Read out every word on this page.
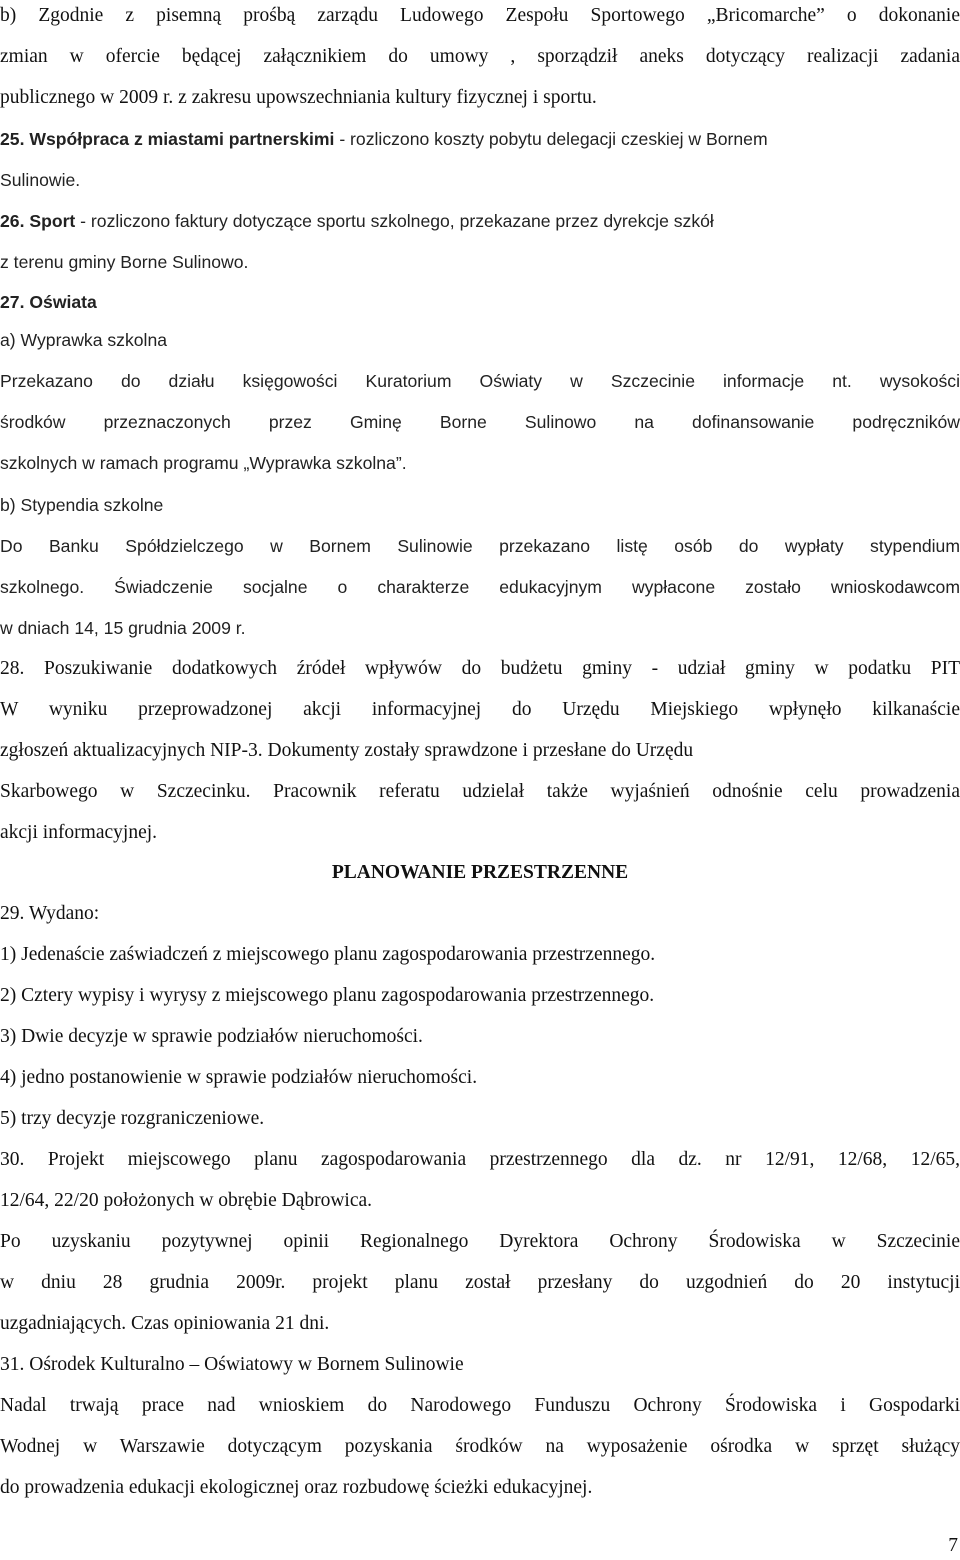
b) Zgodnie z pisemną prośbą zarządu Ludowego Zespołu Sportowego „Bricomarche” o dokonanie
zmian w ofercie będącej załącznikiem do umowy , sporządził aneks dotyczący realizacji zadania
publicznego w 2009 r. z zakresu upowszechniania kultury fizycznej i sportu.
25. Współpraca z miastami partnerskimi - rozliczono koszty pobytu delegacji czeskiej w Bornem
Sulinowie.
26. Sport - rozliczono faktury dotyczące sportu szkolnego, przekazane przez dyrekcje szkół
z terenu gminy Borne Sulinowo.
27. Oświata
a) Wyprawka szkolna
Przekazano do działu księgowości Kuratorium Oświaty w Szczecinie informacje nt. wysokości
środków przeznaczonych przez Gminę Borne Sulinowo na dofinansowanie podręczników
szkolnych w ramach programu „Wyprawka szkolna”.
b) Stypendia szkolne
Do Banku Spółdzielczego w Bornem Sulinowie przekazano listę osób do wypłaty stypendium
szkolnego. Świadczenie socjalne o charakterze edukacyjnym wypłacone zostało wnioskodawcom
w dniach 14, 15 grudnia 2009 r.
28. Poszukiwanie dodatkowych źródeł wpływów do budżetu gminy - udział gminy w podatku PIT
W wyniku przeprowadzonej akcji informacyjnej do Urzędu Miejskiego wpłynęło kilkanaście
zgłoszeń aktualizacyjnych NIP-3. Dokumenty zostały sprawdzone i przesłane do Urzędu
Skarbowego w Szczecinku. Pracownik referatu udzielał także wyjaśnień odnośnie celu prowadzenia
akcji informacyjnej.
PLANOWANIE PRZESTRZENNE
29. Wydano:
1) Jedenaście zaświadczeń z miejscowego planu zagospodarowania przestrzennego.
2) Cztery wypisy i wyrysy z miejscowego planu zagospodarowania przestrzennego.
3) Dwie decyzje w sprawie podziałów nieruchomości.
4) jedno postanowienie w sprawie podziałów nieruchomości.
5) trzy decyzje rozgraniczeniowe.
30. Projekt miejscowego planu zagospodarowania przestrzennego dla dz. nr 12/91, 12/68, 12/65,
12/64, 22/20 położonych w obrębie Dąbrowica.
Po uzyskaniu pozytywnej opinii Regionalnego Dyrektora Ochrony Środowiska w Szczecinie
w dniu 28 grudnia 2009r. projekt planu został przesłany do uzgodnień do 20 instytucji
uzgadniających. Czas opiniowania 21 dni.
31. Ośrodek Kulturalno – Oświatowy w Bornem Sulinowie
Nadal trwają prace nad wnioskiem do Narodowego Funduszu Ochrony Środowiska i Gospodarki
Wodnej w Warszawie dotyczącym pozyskania środków na wyposażenie ośrodka w sprzęt służący
do prowadzenia edukacji ekologicznej oraz rozbudowę ścieżki edukacyjnej.
7
